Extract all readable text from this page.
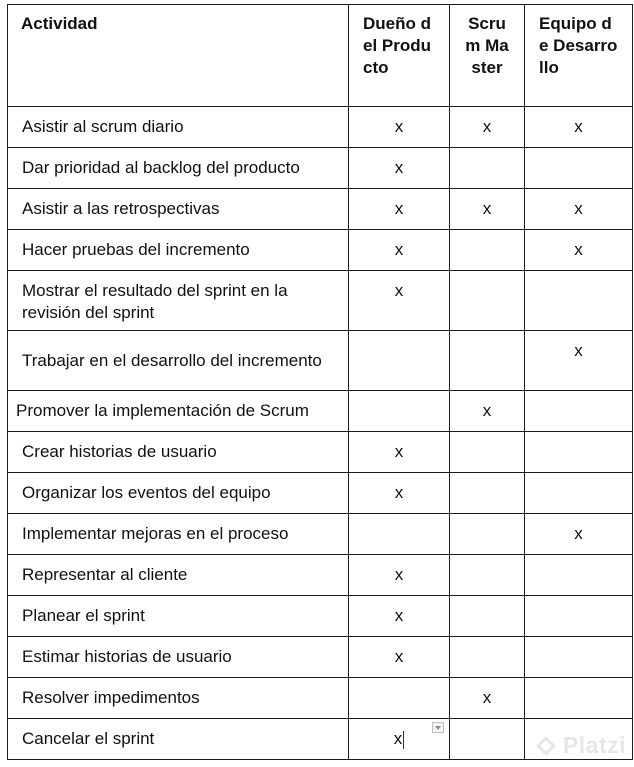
Actividad	Dueño del Producto	Scrum Master	Equipo de Desarrollo
Asistir al scrum diario	x	x	x
Dar prioridad al backlog del producto	x		
Asistir a las retrospectivas	x	x	x
Hacer pruebas del incremento	x		x
Mostrar el resultado del sprint en la revisión del sprint	x		
Trabajar en el desarrollo del incremento			x
Promover la implementación de Scrum		x	
Crear historias de usuario	x		
Organizar los eventos del equipo	x		
Implementar mejoras en el proceso			x
Representar al cliente	x		
Planear el sprint	x		
Estimar historias de usuario	x		
Resolver impedimentos		x	
Cancelar el sprint	x			Platzi
